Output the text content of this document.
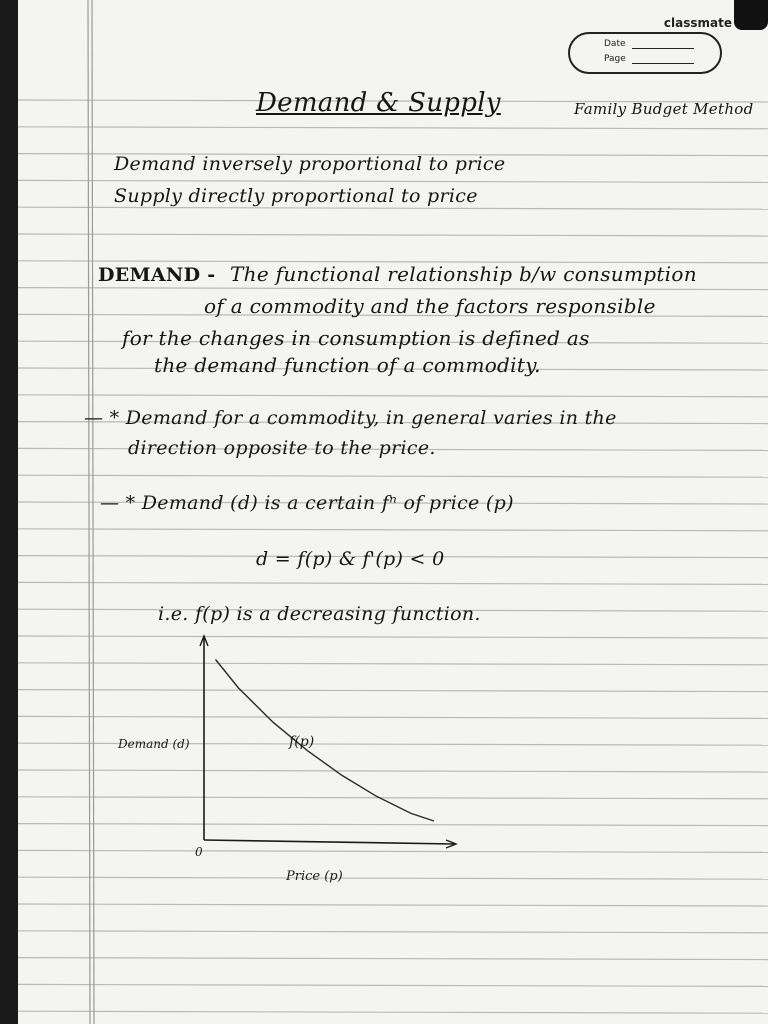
classmate
Date
Page
Demand & Supply	Family Budget Method
Demand inversely proportional to price
Supply directly proportional to price
DEMAND - The functional relationship b/w consumption
of a commodity and the factors responsible
for the changes in consumption is defined as
the demand function of a commodity.
— * Demand for a commodity, in general varies in the
direction opposite to the price.
— * Demand (d) is a certain fⁿ of price (p)
d = f(p) & f'(p) < 0
i.e. f(p) is a decreasing function.
Demand (d)
Price (p)
0
f(p)
